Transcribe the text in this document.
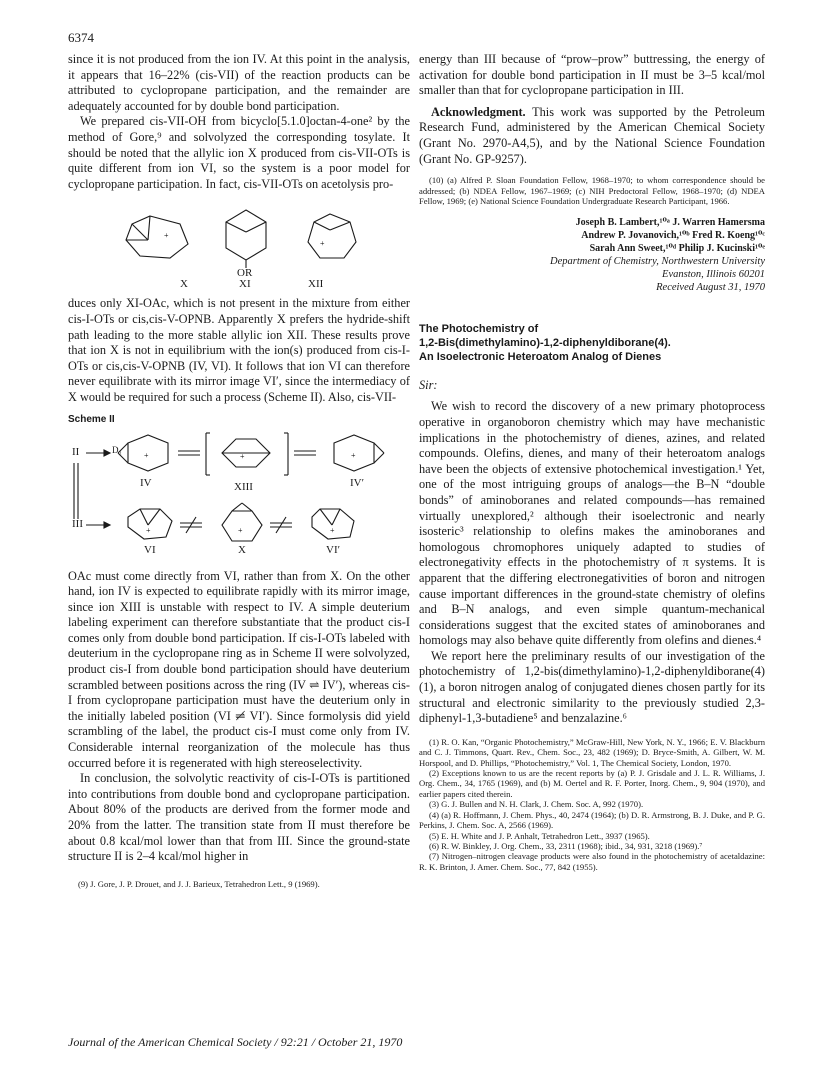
6374

since it is not produced from the ion IV. At this point in the analysis, it appears that 16–22% (cis-VII) of the reaction products can be attributed to cyclopropane participation, and the remainder are adequately accounted for by double bond participation.

We prepared cis-VII-OH from bicyclo[5.1.0]octan-4-one² by the method of Gore,⁹ and solvolyzed the corresponding tosylate. It should be noted that the allylic ion X produced from cis-VII-OTs is quite different from ion VI, so the system is a poor model for cyclopropane participation. In fact, cis-VII-OTs on acetolysis pro-

+
+
OR
X	XI	XII

duces only XI-OAc, which is not present in the mixture from either cis-I-OTs or cis,cis-V-OPNB. Apparently X prefers the hydride-shift path leading to the more stable allylic ion XII. These results prove that ion X is not in equilibrium with the ion(s) produced from cis-I-OTs or cis,cis-V-OPNB (IV, VI). It follows that ion VI can therefore never equilibrate with its mirror image VI′, since the intermediacy of X would be required for such a process (Scheme II). Also, cis-VII-

Scheme II
+	+	+
+	+	+
II	D₂
IV	XIII	IV′
III
VI	X	VI′

OAc must come directly from VI, rather than from X. On the other hand, ion IV is expected to equilibrate rapidly with its mirror image, since ion XIII is unstable with respect to IV. A simple deuterium labeling experiment can therefore substantiate that the product cis-I comes only from double bond participation. If cis-I-OTs labeled with deuterium in the cyclopropane ring as in Scheme II were solvolyzed, product cis-I from double bond participation should have deuterium scrambled between positions across the ring (IV ⇌ IV′), whereas cis-I from cyclopropane participation must have the deuterium only in the initially labeled position (VI ⇌̸ VI′). Since formolysis did yield scrambling of the label, the product cis-I must come only from IV. Considerable internal reorganization of the molecule has thus occurred before it is regenerated with high stereoselectivity.

In conclusion, the solvolytic reactivity of cis-I-OTs is partitioned into contributions from double bond and cyclopropane participation. About 80% of the products are derived from the former mode and 20% from the latter. The transition state from II must therefore be about 0.8 kcal/mol lower than that from III. Since the ground-state structure II is 2–4 kcal/mol higher in

(9) J. Gore, J. P. Drouet, and J. J. Barieux, Tetrahedron Lett., 9 (1969).

energy than III because of “prow–prow” buttressing, the energy of activation for double bond participation in II must be 3–5 kcal/mol smaller than that for cyclopropane participation in III.

Acknowledgment. This work was supported by the Petroleum Research Fund, administered by the American Chemical Society (Grant No. 2970-A4,5), and by the National Science Foundation (Grant No. GP-9257).

(10) (a) Alfred P. Sloan Foundation Fellow, 1968–1970; to whom correspondence should be addressed; (b) NDEA Fellow, 1967–1969; (c) NIH Predoctoral Fellow, 1968–1970; (d) NDEA Fellow, 1969; (e) National Science Foundation Undergraduate Research Participant, 1966.

Joseph B. Lambert,¹⁰ᵃ J. Warren Hamersma
Andrew P. Jovanovich,¹⁰ᵇ Fred R. Koeng¹⁰ᶜ
Sarah Ann Sweet,¹⁰ᵈ Philip J. Kucinski¹⁰ᵉ
Department of Chemistry, Northwestern University
Evanston, Illinois 60201
Received August 31, 1970
The Photochemistry of
1,2-Bis(dimethylamino)-1,2-diphenyldiborane(4).
An Isoelectronic Heteroatom Analog of Dienes
Sir:

We wish to record the discovery of a new primary photoprocess operative in organoboron chemistry which may have mechanistic implications in the photochemistry of dienes, azines, and related compounds. Olefins, dienes, and many of their heteroatom analogs have been the objects of extensive photochemical investigation.¹ Yet, one of the most intriguing groups of analogs—the B–N “double bonds” of aminoboranes and related compounds—has remained virtually unexplored,² although their isoelectronic and nearly isosteric³ relationship to olefins makes the aminoboranes and homologous chromophores uniquely adapted to studies of electronegativity effects in the photochemistry of π systems. It is apparent that the differing electronegativities of boron and nitrogen cause important differences in the ground-state chemistry of olefins and B–N analogs, and even simple quantum-mechanical considerations suggest that the excited states of aminoboranes and homologs may also behave quite differently from olefins and dienes.⁴

We report here the preliminary results of our investigation of the photochemistry of 1,2-bis(dimethylamino)-1,2-diphenyldiborane(4) (1), a boron nitrogen analog of conjugated dienes chosen partly for its structural and electronic similarity to the previously studied 2,3-diphenyl-1,3-butadiene⁵ and benzalazine.⁶

(1) R. O. Kan, “Organic Photochemistry,” McGraw-Hill, New York, N. Y., 1966; E. V. Blackburn and C. J. Timmons, Quart. Rev., Chem. Soc., 23, 482 (1969); D. Bryce-Smith, A. Gilbert, W. M. Horspool, and D. Phillips, “Photochemistry,” Vol. 1, The Chemical Society, London, 1970.

(2) Exceptions known to us are the recent reports by (a) P. J. Grisdale and J. L. R. Williams, J. Org. Chem., 34, 1765 (1969), and (b) M. Oertel and R. F. Porter, Inorg. Chem., 9, 904 (1970), and earlier papers cited therein.

(3) G. J. Bullen and N. H. Clark, J. Chem. Soc. A, 992 (1970).

(4) (a) R. Hoffmann, J. Chem. Phys., 40, 2474 (1964); (b) D. R. Armstrong, B. J. Duke, and P. G. Perkins, J. Chem. Soc. A, 2566 (1969).

(5) E. H. White and J. P. Anhalt, Tetrahedron Lett., 3937 (1965).

(6) R. W. Binkley, J. Org. Chem., 33, 2311 (1968); ibid., 34, 931, 3218 (1969).⁷

(7) Nitrogen–nitrogen cleavage products were also found in the photochemistry of acetaldazine: R. K. Brinton, J. Amer. Chem. Soc., 77, 842 (1955).

Journal of the American Chemical Society / 92:21 / October 21, 1970
